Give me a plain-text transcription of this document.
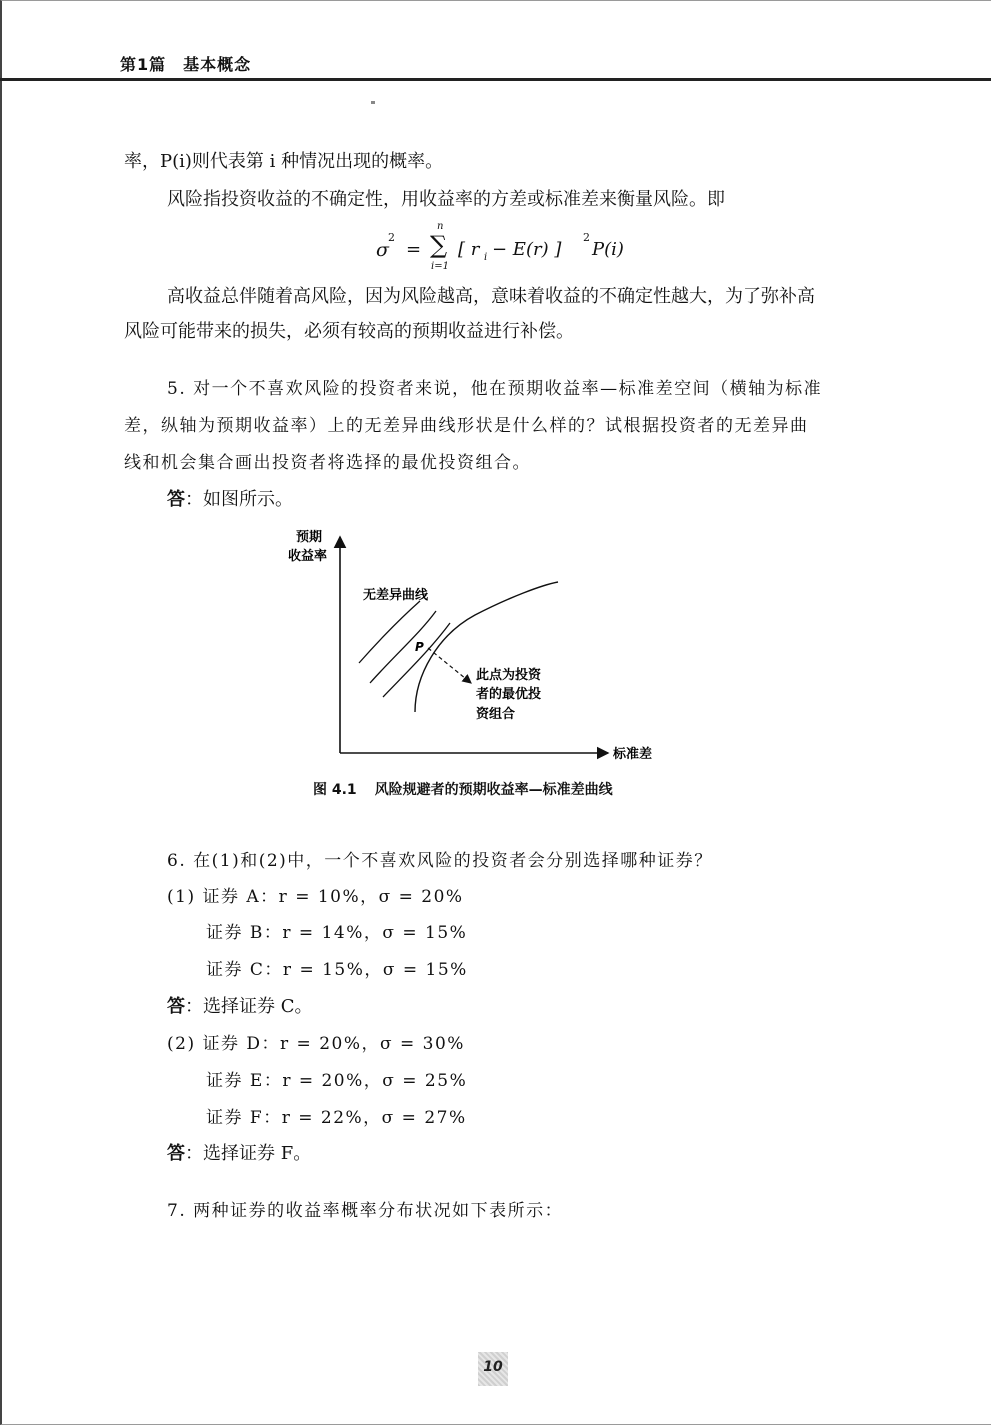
第1篇　基本概念
率，P(i)则代表第 i 种情况出现的概率。
风险指投资收益的不确定性，用收益率的方差或标准差来衡量风险。即
σ
2
=
n
∑
i=1
[ r i − E(r) ]
2
P(i)
高收益总伴随着高风险，因为风险越高，意味着收益的不确定性越大，为了弥补高
风险可能带来的损失，必须有较高的预期收益进行补偿。
5. 对一个不喜欢风险的投资者来说，他在预期收益率—标准差空间（横轴为标准
差，纵轴为预期收益率）上的无差异曲线形状是什么样的？试根据投资者的无差异曲
线和机会集合画出投资者将选择的最优投资组合。
答：如图所示。
预期
收益率
标准差
无差异曲线
P
此点为投资
者的最优投
资组合
图 4.1 风险规避者的预期收益率—标准差曲线
6. 在(1)和(2)中，一个不喜欢风险的投资者会分别选择哪种证券？
(1) 证券 A：r = 10%，σ = 20%
证券 B：r = 14%，σ = 15%
证券 C：r = 15%，σ = 15%
答：选择证券 C。
(2) 证券 D：r = 20%，σ = 30%
证券 E：r = 20%，σ = 25%
证券 F：r = 22%，σ = 27%
答：选择证券 F。
7. 两种证券的收益率概率分布状况如下表所示：
10
